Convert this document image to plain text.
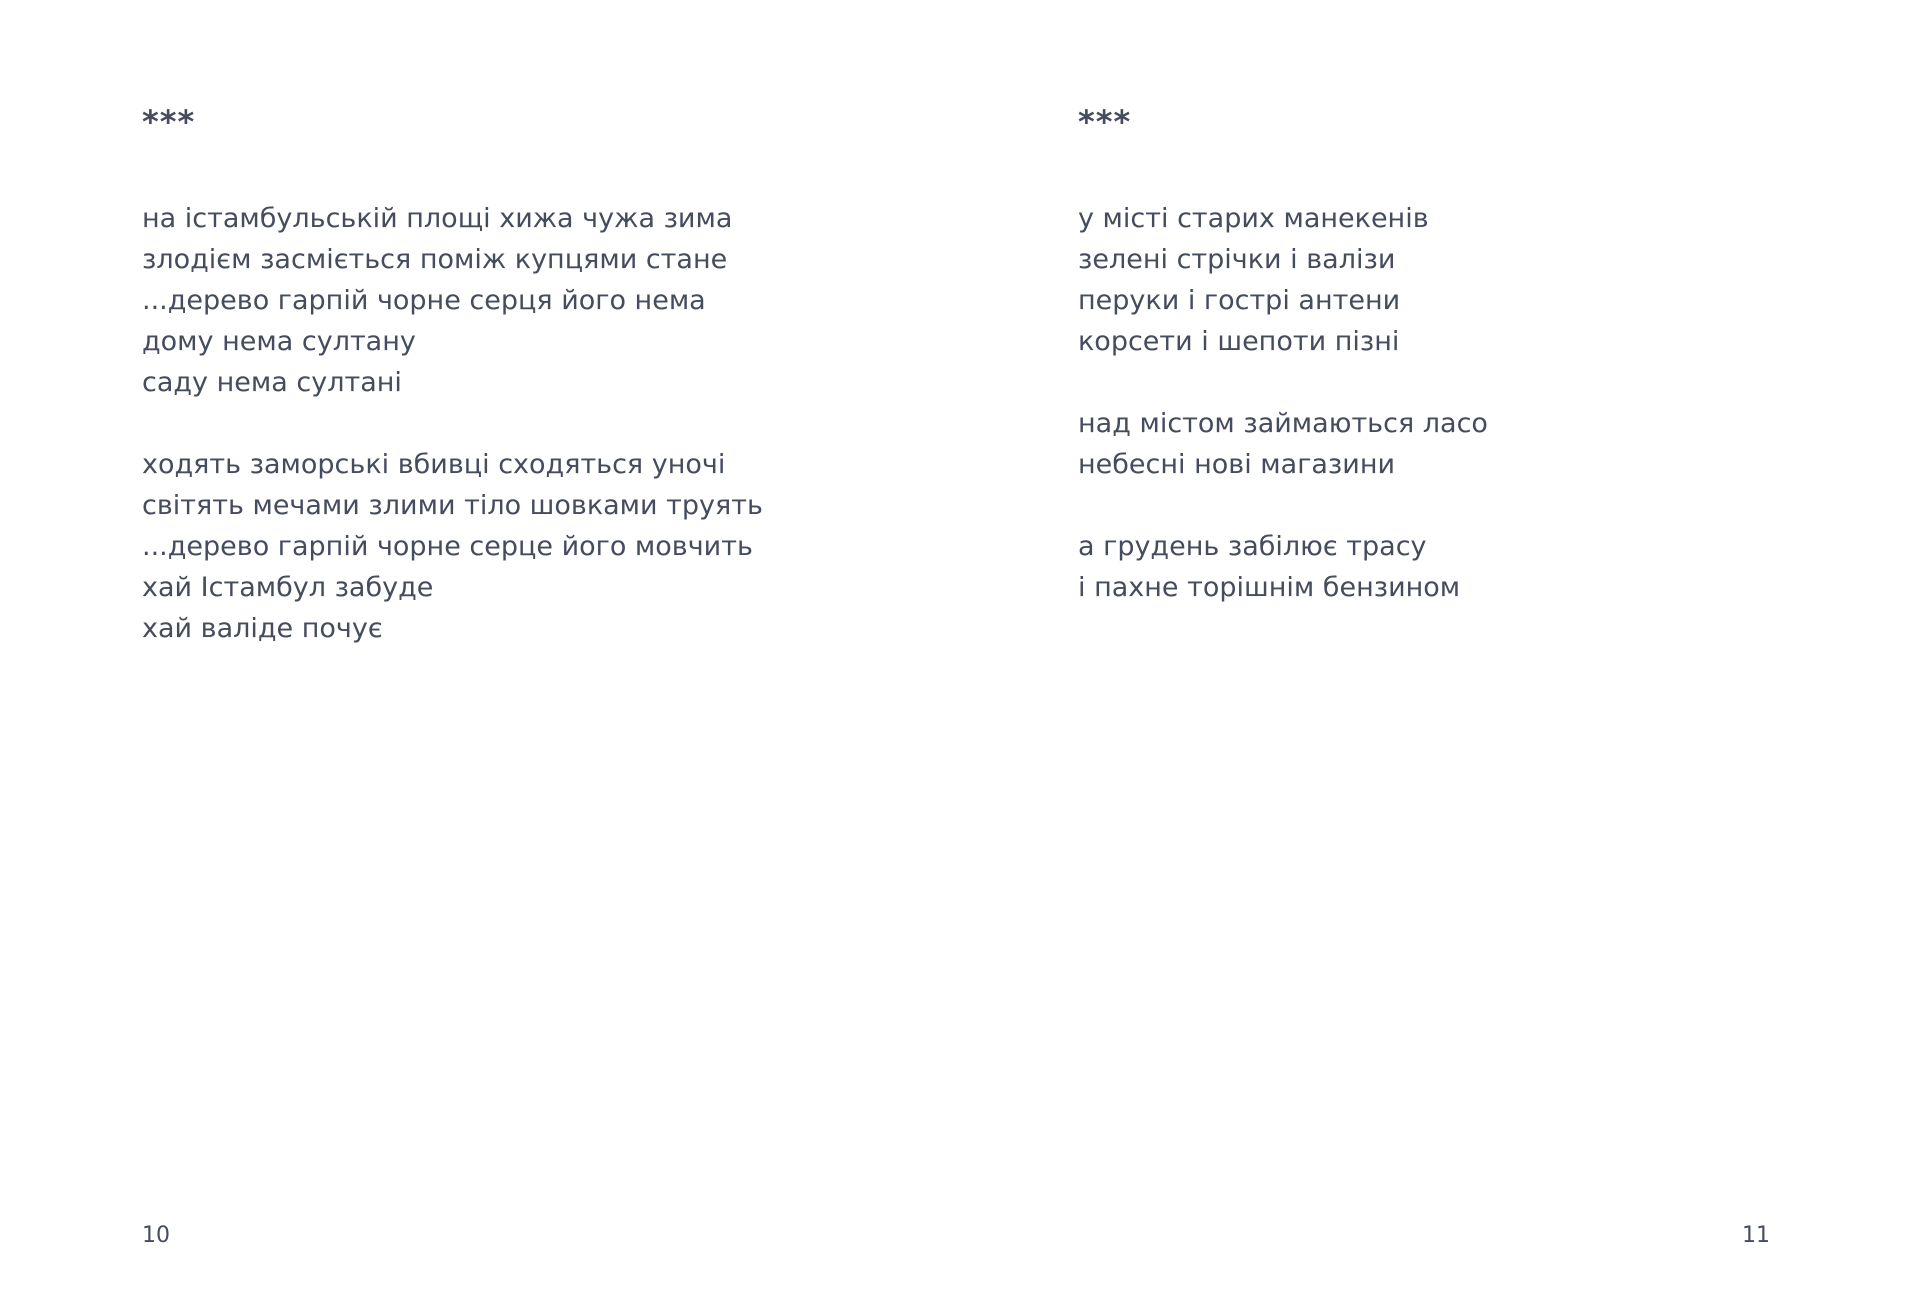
***
на істамбульській площі хижа чужа зима
злодієм засміється поміж купцями стане
...дерево гарпій чорне серця його нема
дому нема султану
саду нема султані
ходять заморські вбивці сходяться уночі
світять мечами злими тіло шовками труять
...дерево гарпій чорне серце його мовчить
хай Істамбул забуде
хай валіде почує
10
***
у місті старих манекенів
зелені стрічки і валізи
перуки і гострі антени
корсети і шепоти пізні
над містом займаються ласо
небесні нові магазини
а грудень забілює трасу
і пахне торішнім бензином
11
